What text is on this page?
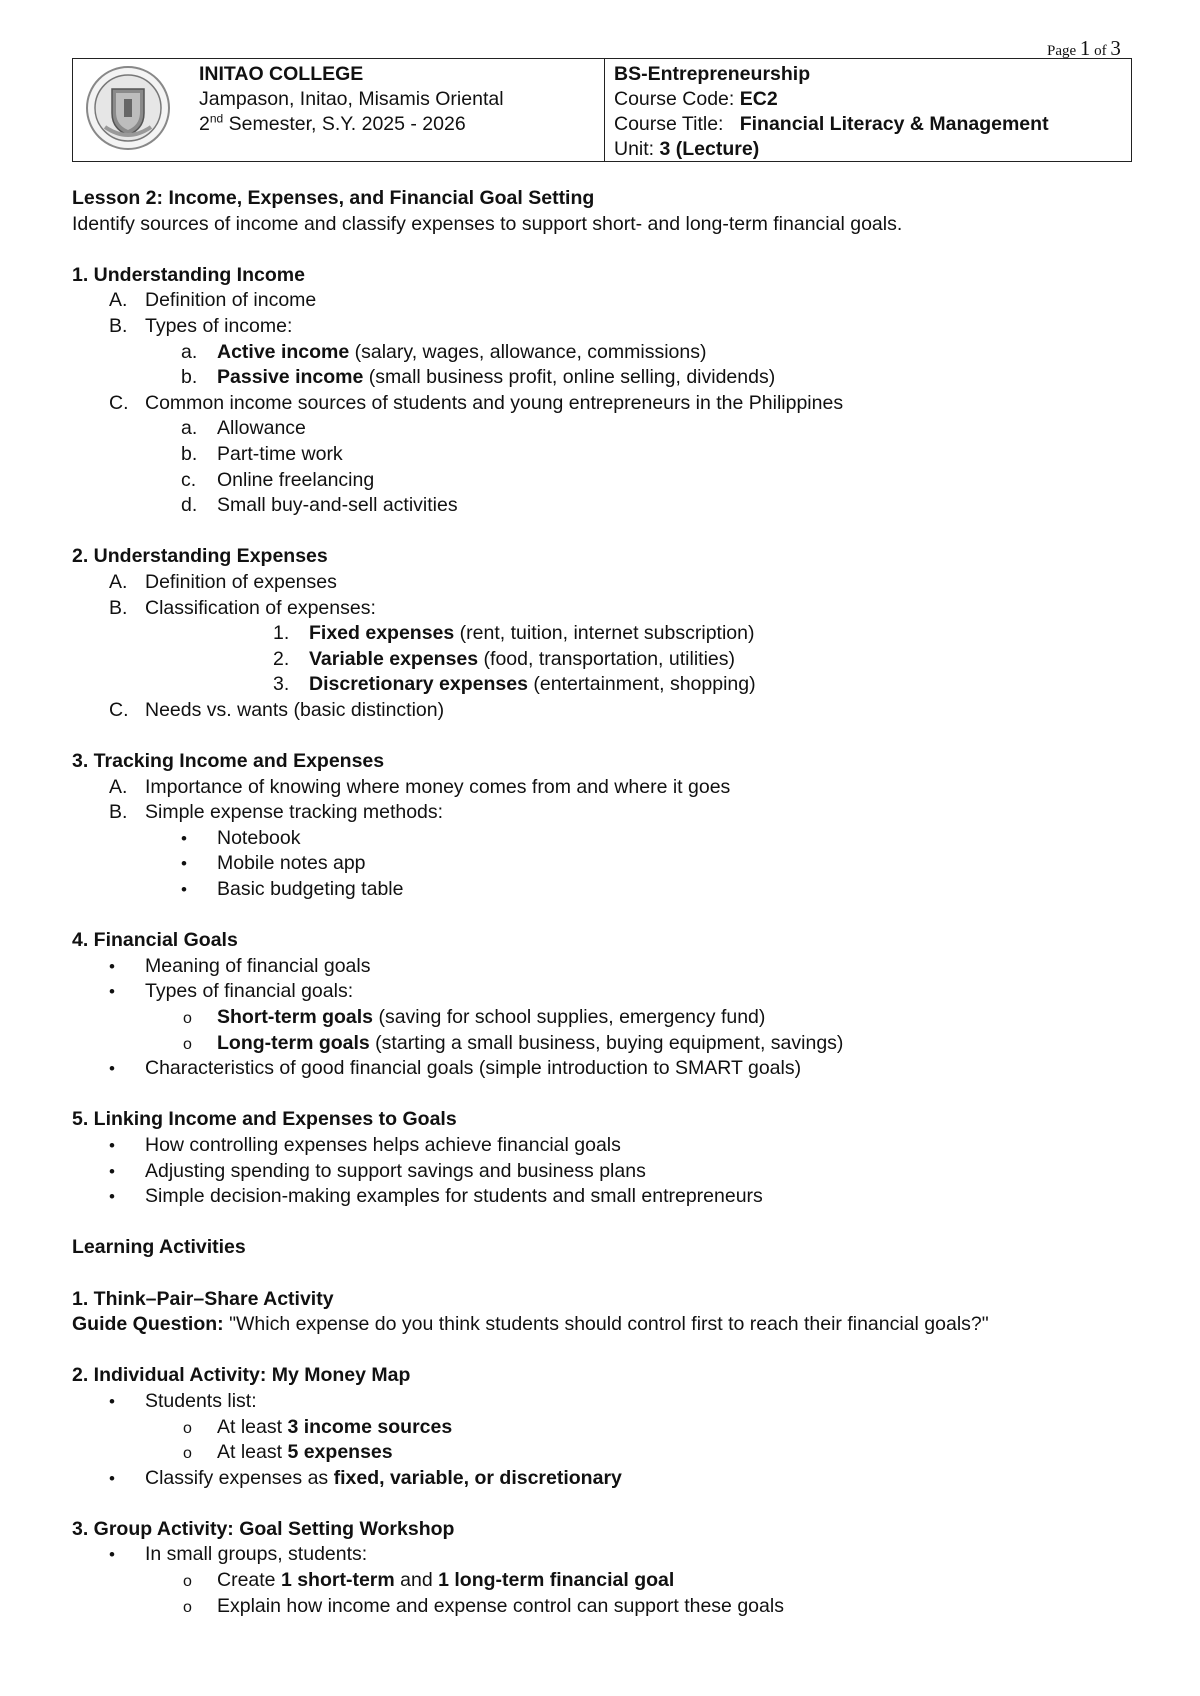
Page 1 of 3
INITAO COLLEGE
Jampason, Initao, Misamis Oriental
2nd Semester, S.Y. 2025 - 2026
BS-Entrepreneurship
Course Code: EC2
Course Title:   Financial Literacy & Management
Unit: 3 (Lecture)
Lesson 2: Income, Expenses, and Financial Goal Setting
Identify sources of income and classify expenses to support short- and long-term financial goals.
1. Understanding Income
A. Definition of income
B. Types of income:
a. Active income (salary, wages, allowance, commissions)
b. Passive income (small business profit, online selling, dividends)
C. Common income sources of students and young entrepreneurs in the Philippines
a. Allowance
b. Part-time work
c. Online freelancing
d. Small buy-and-sell activities
2. Understanding Expenses
A. Definition of expenses
B. Classification of expenses:
1. Fixed expenses (rent, tuition, internet subscription)
2. Variable expenses (food, transportation, utilities)
3. Discretionary expenses (entertainment, shopping)
C. Needs vs. wants (basic distinction)
3. Tracking Income and Expenses
A. Importance of knowing where money comes from and where it goes
B. Simple expense tracking methods:
• Notebook
• Mobile notes app
• Basic budgeting table
4. Financial Goals
• Meaning of financial goals
• Types of financial goals:
o Short-term goals (saving for school supplies, emergency fund)
o Long-term goals (starting a small business, buying equipment, savings)
• Characteristics of good financial goals (simple introduction to SMART goals)
5. Linking Income and Expenses to Goals
• How controlling expenses helps achieve financial goals
• Adjusting spending to support savings and business plans
• Simple decision-making examples for students and small entrepreneurs
Learning Activities
1. Think–Pair–Share Activity
Guide Question: "Which expense do you think students should control first to reach their financial goals?"
2. Individual Activity: My Money Map
• Students list:
o At least 3 income sources
o At least 5 expenses
• Classify expenses as fixed, variable, or discretionary
3. Group Activity: Goal Setting Workshop
• In small groups, students:
o Create 1 short-term and 1 long-term financial goal
o Explain how income and expense control can support these goals
